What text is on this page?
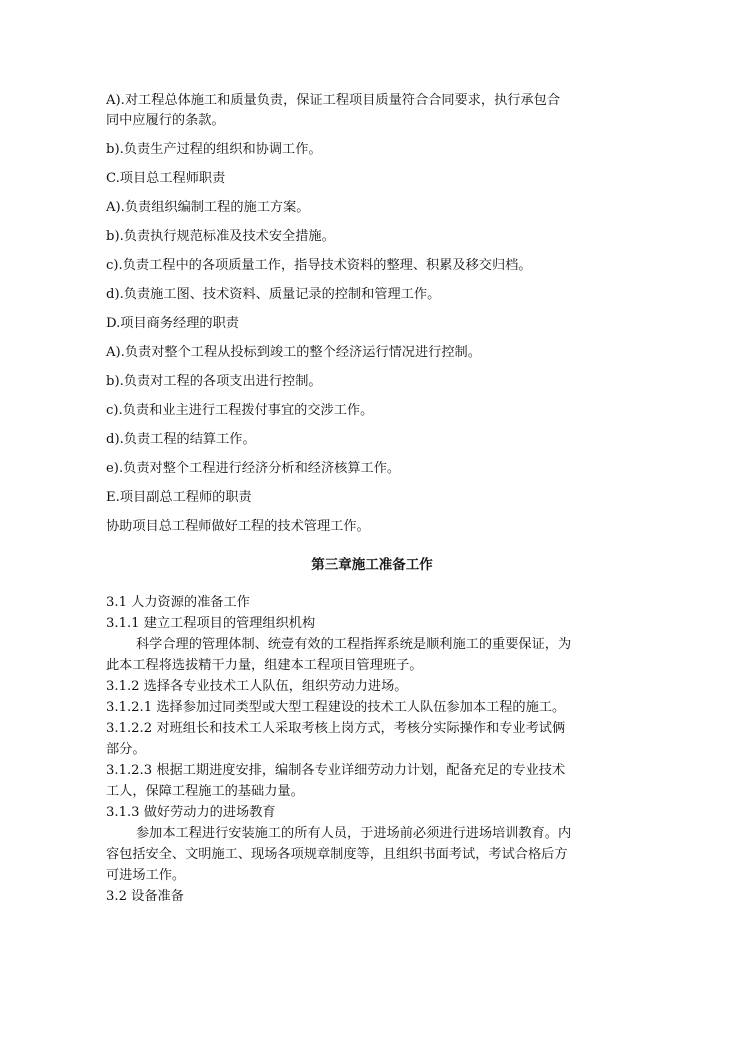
A).对工程总体施工和质量负责，保证工程项目质量符合合同要求，执行承包合
同中应履行的条款。
b).负责生产过程的组织和协调工作。
C.项目总工程师职责
A).负责组织编制工程的施工方案。
b).负责执行规范标准及技术安全措施。
c).负责工程中的各项质量工作，指导技术资料的整理、积累及移交归档。
d).负责施工图、技术资料、质量记录的控制和管理工作。
D.项目商务经理的职责
A).负责对整个工程从投标到竣工的整个经济运行情况进行控制。
b).负责对工程的各项支出进行控制。
c).负责和业主进行工程拨付事宜的交涉工作。
d).负责工程的结算工作。
e).负责对整个工程进行经济分析和经济核算工作。
E.项目副总工程师的职责
协助项目总工程师做好工程的技术管理工作。
第三章施工准备工作
3.1 人力资源的准备工作
3.1.1 建立工程项目的管理组织机构
科学合理的管理体制、统壹有效的工程指挥系统是顺利施工的重要保证，为
此本工程将选拔精干力量，组建本工程项目管理班子。
3.1.2 选择各专业技术工人队伍，组织劳动力进场。
3.1.2.1 选择参加过同类型或大型工程建设的技术工人队伍参加本工程的施工。
3.1.2.2 对班组长和技术工人采取考核上岗方式，考核分实际操作和专业考试俩
部分。
3.1.2.3 根据工期进度安排，编制各专业详细劳动力计划，配备充足的专业技术
工人，保障工程施工的基础力量。
3.1.3 做好劳动力的进场教育
参加本工程进行安装施工的所有人员，于进场前必须进行进场培训教育。内
容包括安全、文明施工、现场各项规章制度等，且组织书面考试，考试合格后方
可进场工作。
3.2 设备准备
